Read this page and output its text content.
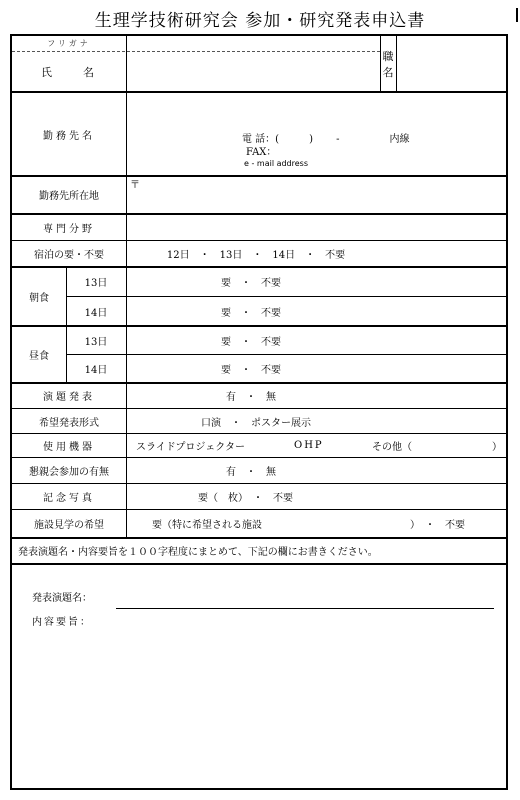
生理学技術研究会 参加・研究発表申込書
フリガナ
氏　　名
職名
勤務先名	電 話：(　　　)　　 -　　　　　内線
FAX：
e - mail address
勤務先所在地
〒
専門分野
宿泊の要・不要	12日　・　13日　・　14日　・　不要
朝食
13日	要　・　不要
14日	要　・　不要
昼食
13日	要　・　不要
14日	要　・　不要
演題発表	有　・　無
希望発表形式	口演　・　ポスター展示
使用機器	スライドプロジェクター	OHP	その他（　　　　　　　　）
懇親会参加の有無	有　・　無
記念写真	要（　枚）　・　不要
施設見学の希望	要（特に希望される施設	）　・　不要
発表演題名・内容要旨を１００字程度にまとめて、下記の欄にお書きください。
発表演題名：
内容要旨：
